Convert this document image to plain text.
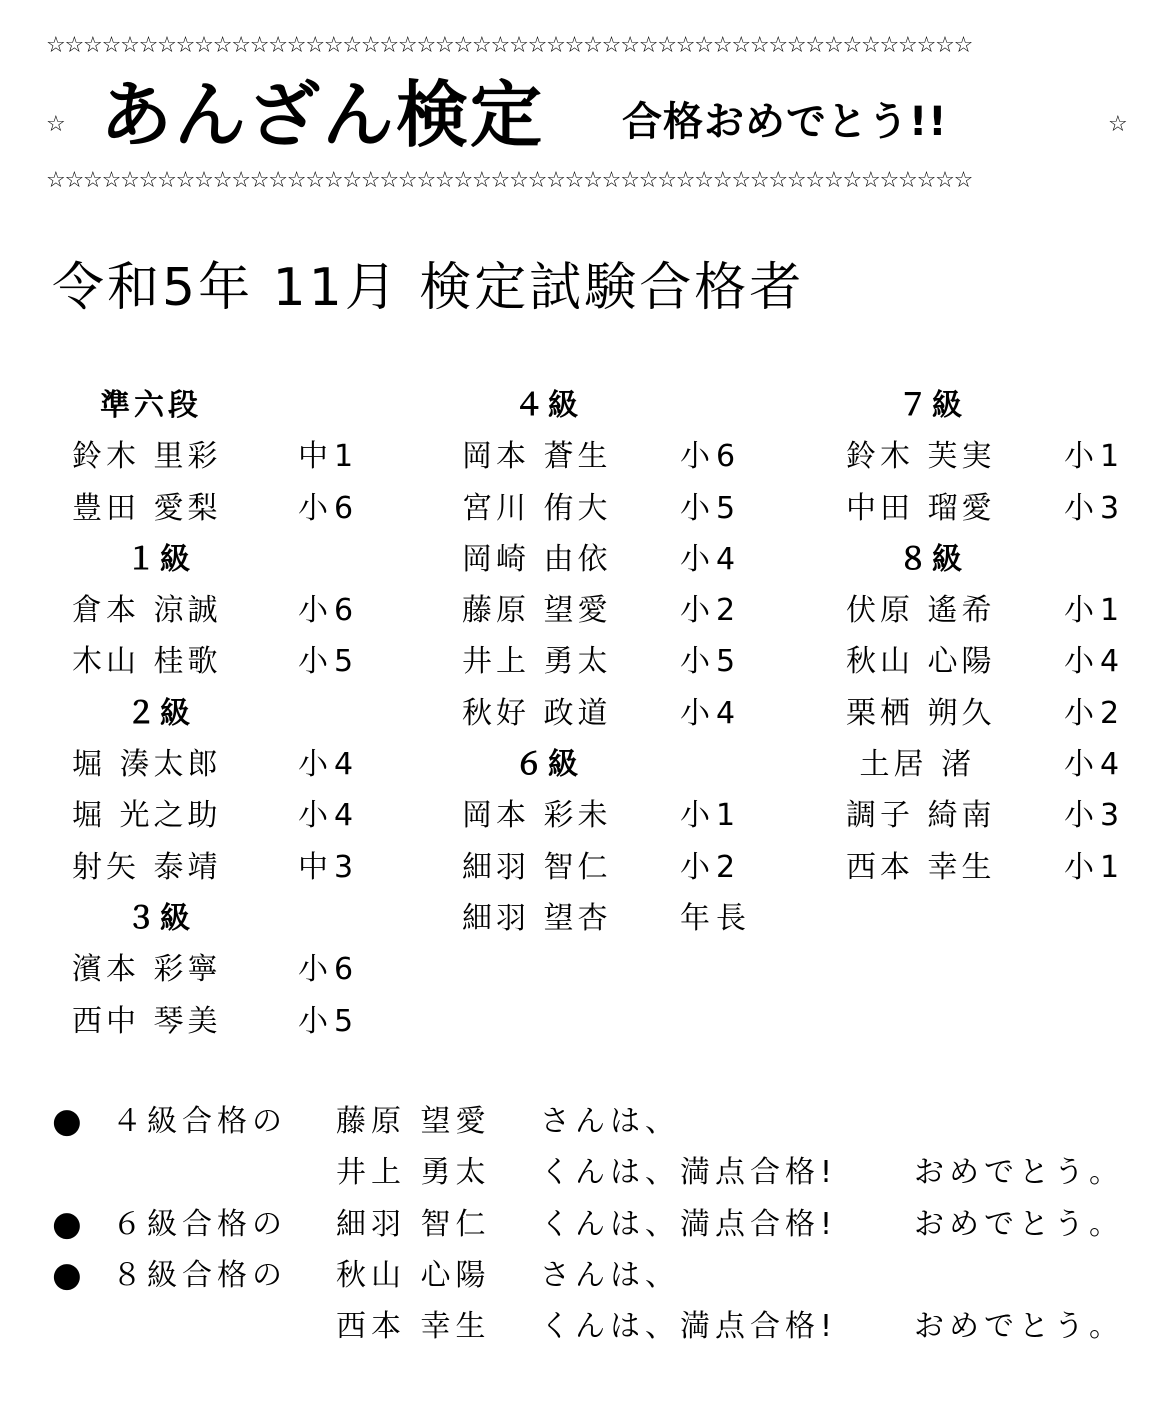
☆☆☆☆☆☆☆☆☆☆☆☆☆☆☆☆☆☆☆☆☆☆☆☆☆☆☆☆☆☆☆☆☆☆☆☆☆☆☆☆☆☆☆☆☆☆☆☆☆☆
☆ あんざん検定 合格おめでとう!!	☆
☆☆☆☆☆☆☆☆☆☆☆☆☆☆☆☆☆☆☆☆☆☆☆☆☆☆☆☆☆☆☆☆☆☆☆☆☆☆☆☆☆☆☆☆☆☆☆☆☆☆
令和5年 11月 検定試験合格者
準六段
鈴木 里彩	中1
豊田 愛梨	小6
１級
倉本 涼誠	小6
木山 桂歌	小5
２級
堀 湊太郎	小4
堀 光之助	小4
射矢 泰靖	中3
３級
濱本 彩寧	小6
西中 琴美	小5
４級
岡本 蒼生 小6
宮川 侑大 小5
岡崎 由依 小4
藤原 望愛 小2
井上 勇太 小5
秋好 政道 小4
６級
岡本 彩未 小1
細羽 智仁 小2
細羽 望杏 年長
７級
鈴木 芙実 小1
中田 瑠愛 小3
８級
伏原 遙希 小1
秋山 心陽 小4
栗栖 朔久 小2
土居 渚	小4
調子 綺南 小3
西本 幸生 小1
● ４級合格の 藤原 望愛 さんは、
井上 勇太 くんは、満点合格!	おめでとう。
● ６級合格の 細羽 智仁 くんは、満点合格!	おめでとう。
● ８級合格の 秋山 心陽 さんは、
西本 幸生 くんは、満点合格!	おめでとう。
